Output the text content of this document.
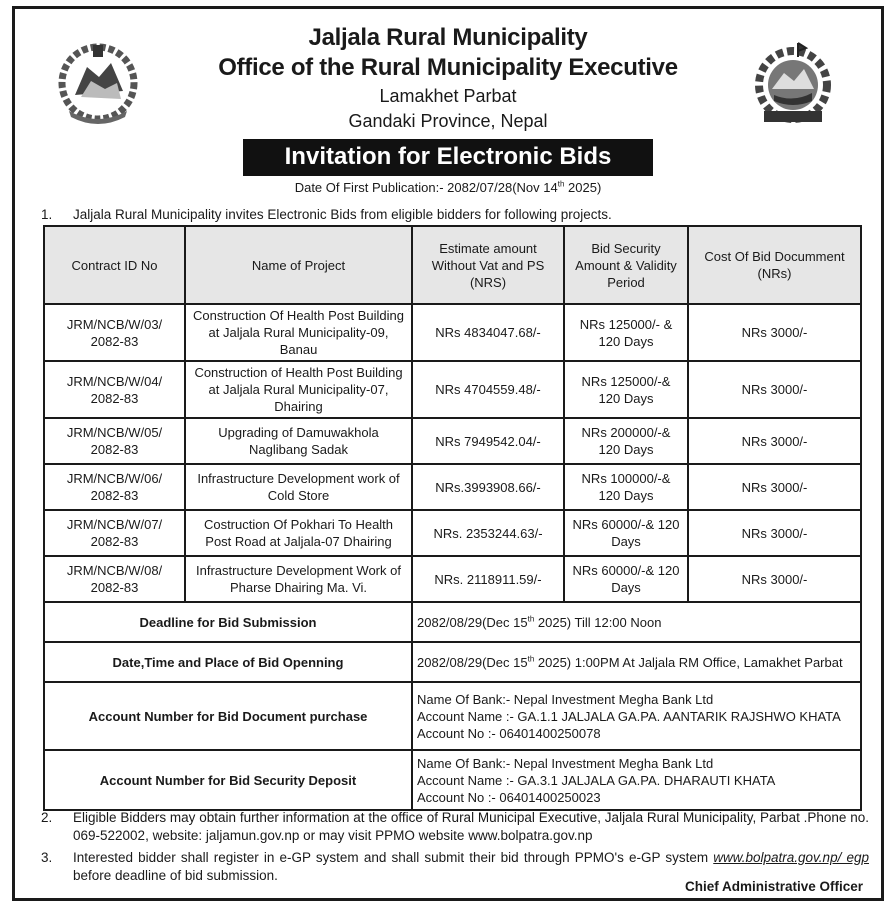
Jaljala Rural Municipality
Office of the Rural Municipality Executive
Lamakhet Parbat
Gandaki Province, Nepal
Invitation for Electronic Bids
Date Of First Publication:- 2082/07/28(Nov 14th 2025)
1. Jaljala Rural Municipality invites Electronic Bids from eligible bidders for following projects.
Contract ID No	Name of Project	Estimate amount Without Vat and PS (NRS)	Bid Security Amount & Validity Period	Cost Of Bid Documment (NRs)
JRM/NCB/W/03/ 2082-83	Construction Of Health Post Building at Jaljala Rural Municipality-09, Banau	NRs 4834047.68/-	NRs 125000/- & 120 Days	NRs 3000/-
JRM/NCB/W/04/ 2082-83	Construction of Health Post Building at Jaljala Rural Municipality-07, Dhairing	NRs 4704559.48/-	NRs 125000/-& 120 Days	NRs 3000/-
JRM/NCB/W/05/ 2082-83	Upgrading of Damuwakhola Naglibang Sadak	NRs 7949542.04/-	NRs 200000/-& 120 Days	NRs 3000/-
JRM/NCB/W/06/ 2082-83	Infrastructure Development work of Cold Store	NRs.3993908.66/-	NRs 100000/-& 120 Days	NRs 3000/-
JRM/NCB/W/07/ 2082-83	Costruction Of Pokhari To Health Post Road at Jaljala-07 Dhairing	NRs. 2353244.63/-	NRs 60000/-& 120 Days	NRs 3000/-
JRM/NCB/W/08/ 2082-83	Infrastructure Development Work of Pharse Dhairing Ma. Vi.	NRs. 2118911.59/-	NRs 60000/-& 120 Days	NRs 3000/-
Deadline for Bid Submission		2082/08/29(Dec 15th 2025) Till 12:00 Noon		
Date,Time and Place of Bid Openning		2082/08/29(Dec 15th 2025) 1:00PM At Jaljala RM Office, Lamakhet Parbat		
Account Number for Bid Document purchase		Name Of Bank:- Nepal Investment Megha Bank Ltd
Account Name :- GA.1.1 JALJALA GA.PA. AANTARIK RAJSHWO KHATA
Account No :- 06401400250078		

Account Number for Bid Security Deposit		Name Of Bank:- Nepal Investment Megha Bank Ltd
Account Name :- GA.3.1 JALJALA GA.PA. DHARAUTI KHATA
Account No :- 06401400250023		
2.	Eligible Bidders may obtain further information at the office of Rural Municipal Executive, Jaljala Rural Municipality, Parbat .Phone no. 069-522002, website: jaljamun.gov.np or may visit PPMO website www.bolpatra.gov.np
3.	Interested bidder shall register in e-GP system and shall submit their bid through PPMO's e-GP system www.bolpatra.gov.np/ egp before deadline of bid submission.
Chief Administrative Officer
